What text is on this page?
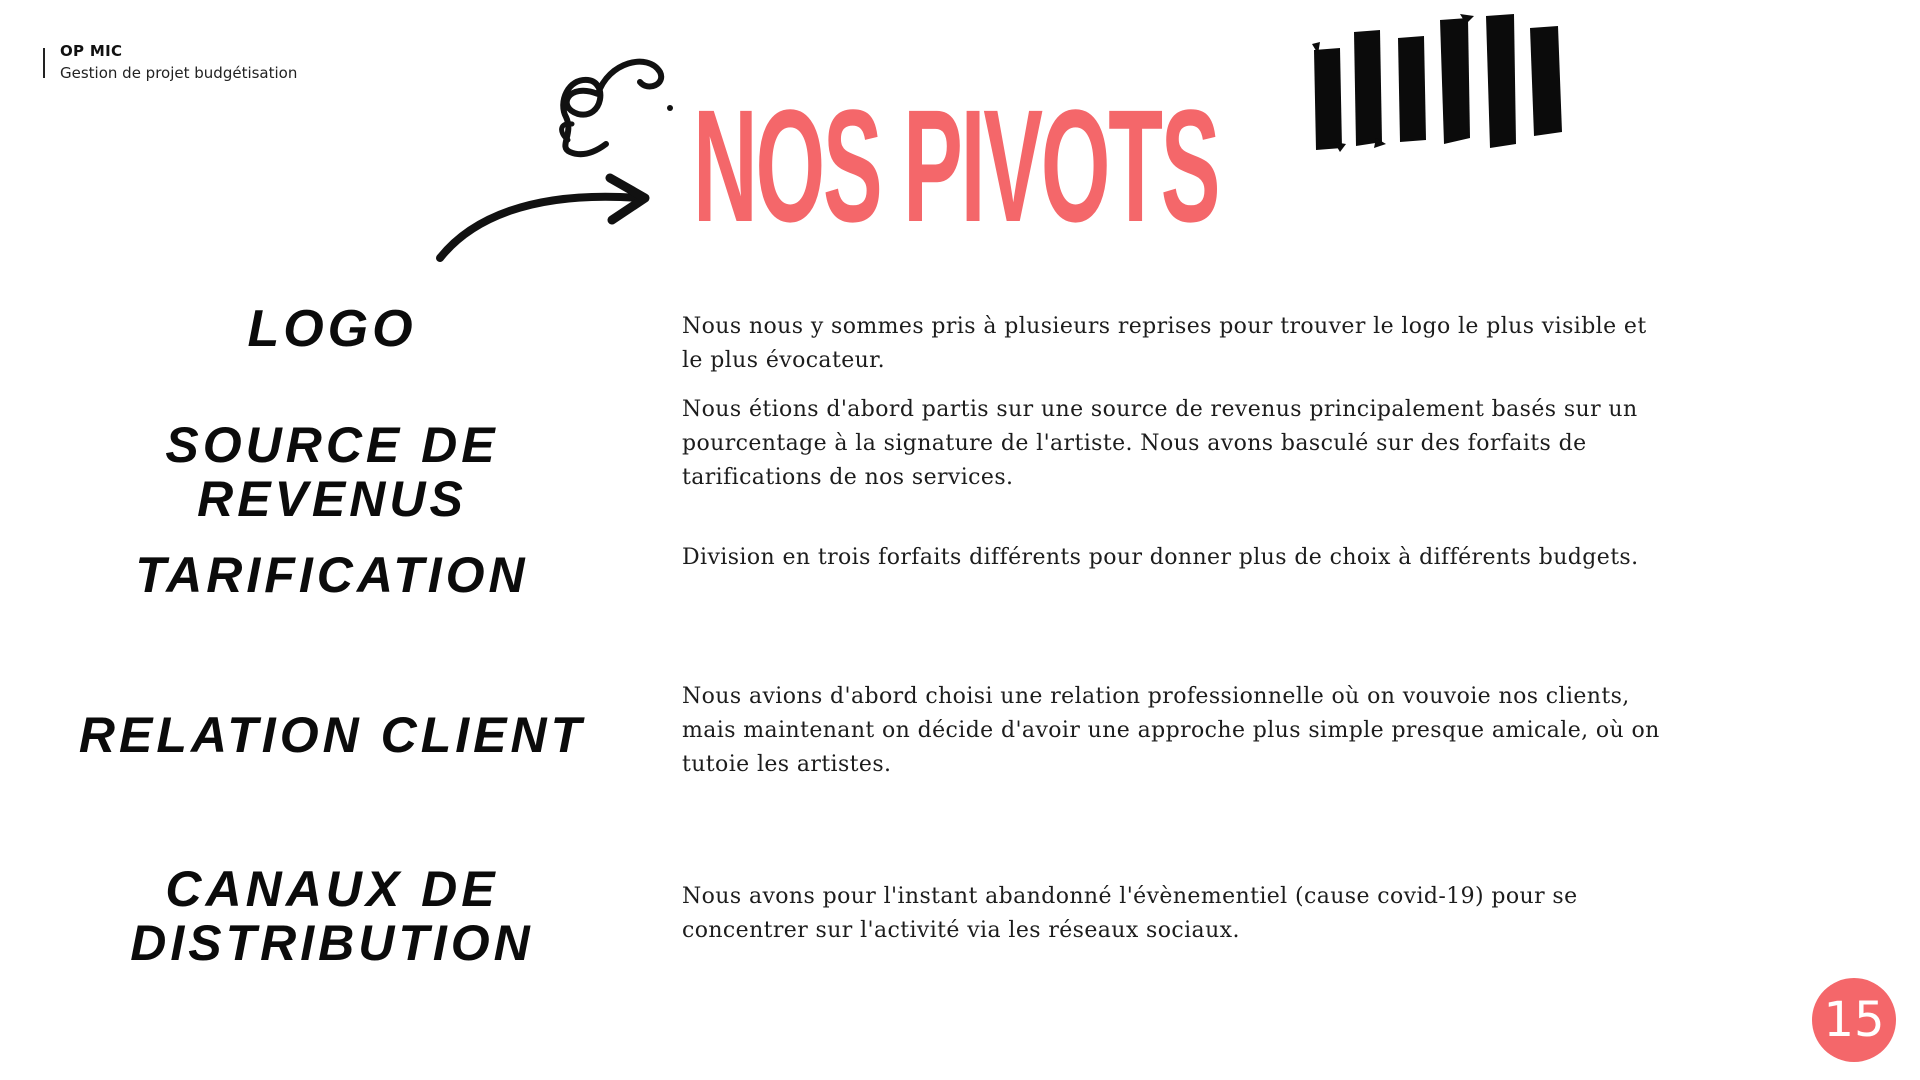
OP MIC
Gestion de projet budgétisation
NOS PIVOTS
LOGO	Nous nous y sommes pris à plusieurs reprises pour trouver le logo le plus visible et le plus évocateur.
SOURCE DE REVENUS
Nous étions d'abord partis sur une source de revenus principalement basés sur un pourcentage à la signature de l'artiste. Nous avons basculé sur des forfaits de tarifications de nos services.
TARIFICATION	Division en trois forfaits différents pour donner plus de choix à différents budgets.
RELATION CLIENT
Nous avions d'abord choisi une relation professionnelle où on vouvoie nos clients, mais maintenant on décide d'avoir une approche plus simple presque amicale, où on tutoie les artistes.
CANAUX DE DISTRIBUTION
Nous avons pour l'instant abandonné l'évènementiel (cause covid-19) pour se concentrer sur l'activité via les réseaux sociaux.
15
